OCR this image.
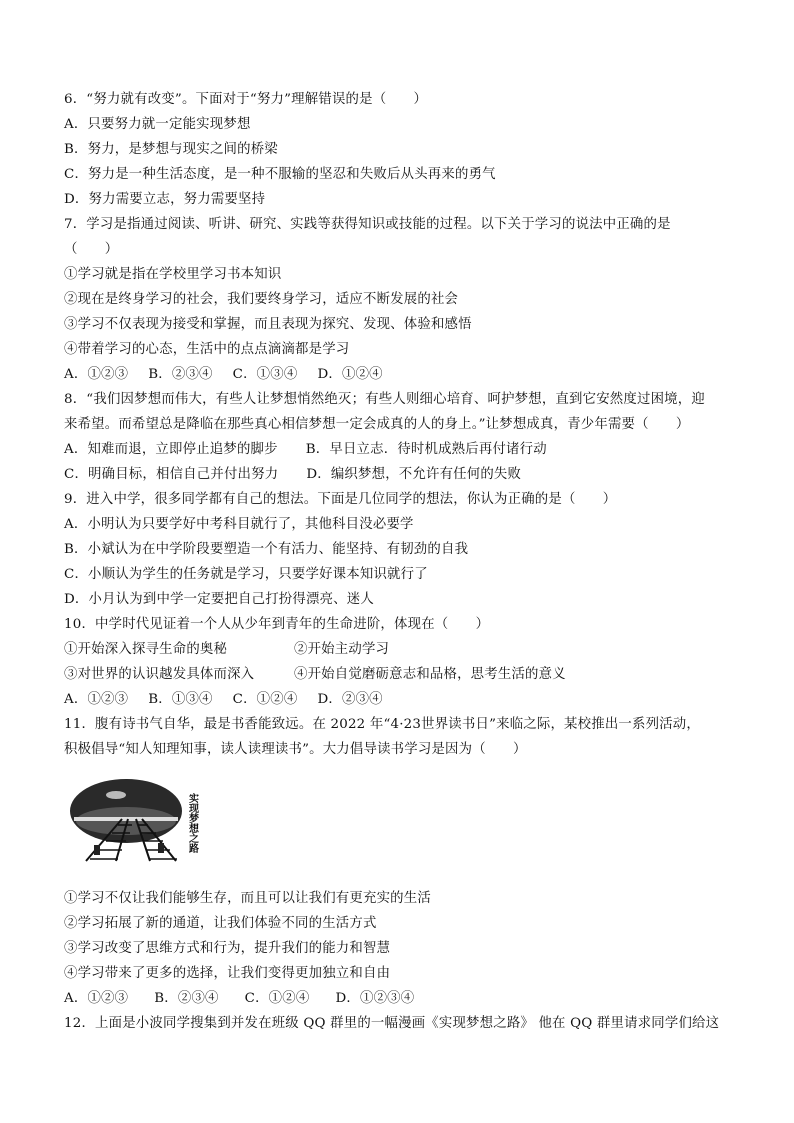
6．“努力就有改变”。下面对于“努力”理解错误的是（　　）
A．只要努力就一定能实现梦想
B．努力，是梦想与现实之间的桥梁
C．努力是一种生活态度，是一种不服输的坚忍和失败后从头再来的勇气
D．努力需要立志，努力需要坚持
7．学习是指通过阅读、听讲、研究、实践等获得知识或技能的过程。以下关于学习的说法中正确的是
（　　）
①学习就是指在学校里学习书本知识
②现在是终身学习的社会，我们要终身学习，适应不断发展的社会
③学习不仅表现为接受和掌握，而且表现为探究、发现、体验和感悟
④带着学习的心态，生活中的点点滴滴都是学习
A．①②③ B．②③④ C．①③④ D．①②④
8．“我们因梦想而伟大，有些人让梦想悄然绝灭；有些人则细心培育、呵护梦想，直到它安然度过困境，迎
来希望。而希望总是降临在那些真心相信梦想一定会成真的人的身上。”让梦想成真，青少年需要（　　）
A．知难而退，立即停止追梦的脚步 B．早日立志．待时机成熟后再付诸行动
C．明确目标，相信自己并付出努力 D．编织梦想，不允许有任何的失败
9．进入中学，很多同学都有自己的想法。下面是几位同学的想法，你认为正确的是（　　）
A．小明认为只要学好中考科目就行了，其他科目没必要学
B．小斌认为在中学阶段要塑造一个有活力、能坚持、有韧劲的自我
C．小顺认为学生的任务就是学习，只要学好课本知识就行了
D．小月认为到中学一定要把自己打扮得漂亮、迷人
10．中学时代见证着一个人从少年到青年的生命进阶，体现在（　　）
①开始深入探寻生命的奥秘	②开始主动学习
③对世界的认识越发具体而深入	④开始自觉磨砺意志和品格，思考生活的意义
A．①②③ B．①③④ C．①②④ D．②③④
11．腹有诗书气自华，最是书香能致远。在 2022 年“4·23世界读书日”来临之际，某校推出一系列活动，
积极倡导“知人知理知事，读人读理读书”。大力倡导读书学习是因为（　　）
实现梦想之路
①学习不仅让我们能够生存，而且可以让我们有更充实的生活
②学习拓展了新的通道，让我们体验不同的生活方式
③学习改变了思维方式和行为，提升我们的能力和智慧
④学习带来了更多的选择，让我们变得更加独立和自由
A．①②③ B．②③④ C．①②④ D．①②③④
12．上面是小波同学搜集到并发在班级 QQ 群里的一幅漫画《实现梦想之路》 他在 QQ 群里请求同学们给这
